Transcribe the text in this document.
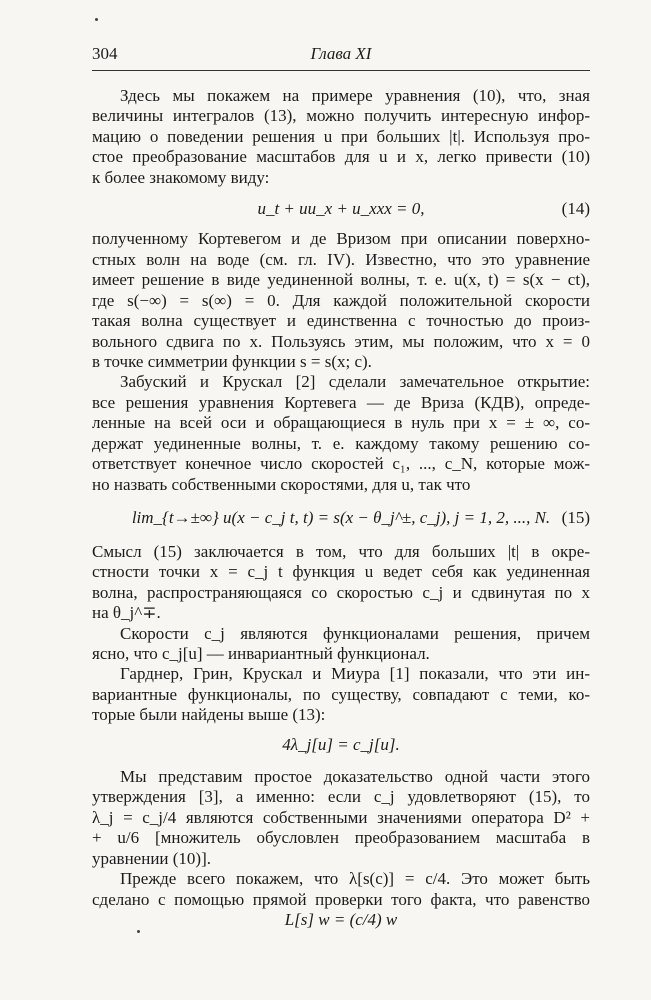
304	Глава XI
Здесь мы покажем на примере уравнения (10), что, зная
величины интегралов (13), можно получить интересную инфор-
мацию о поведении решения u при больших |t|. Используя про-
стое преобразование масштабов для u и x, легко привести (10)
к более знакомому виду:
u_t + uu_x + u_xxx = 0,	(14)
полученному Кортевегом и де Вризом при описании поверхно-
стных волн на воде (см. гл. IV). Известно, что это уравнение
имеет решение в виде уединенной волны, т. е. u(x, t) = s(x − ct),
где s(−∞) = s(∞) = 0. Для каждой положительной скорости
такая волна существует и единственна с точностью до произ-
вольного сдвига по x. Пользуясь этим, мы положим, что x = 0
в точке симметрии функции s = s(x; c).
Забуский и Крускал [2] сделали замечательное открытие:
все решения уравнения Кортевега — де Вриза (КДВ), опреде-
ленные на всей оси и обращающиеся в нуль при x = ± ∞, со-
держат уединенные волны, т. е. каждому такому решению со-
ответствует конечное число скоростей c₁, ..., c_N, которые мож-
но назвать собственными скоростями, для u, так что
lim_{t→±∞} u(x − c_j t, t) = s(x − θ_j^±, c_j), j = 1, 2, ..., N. (15)
Смысл (15) заключается в том, что для больших |t| в окре-
стности точки x = c_j t функция u ведет себя как уединенная
волна, распространяющаяся со скоростью c_j и сдвинутая по x
на θ_j^∓.
Скорости c_j являются функционалами решения, причем
ясно, что c_j[u] — инвариантный функционал.
Гарднер, Грин, Крускал и Миура [1] показали, что эти ин-
вариантные функционалы, по существу, совпадают с теми, ко-
торые были найдены выше (13):
4λ_j[u] = c_j[u].
Мы представим простое доказательство одной части этого
утверждения [3], а именно: если c_j удовлетворяют (15), то
λ_j = c_j/4 являются собственными значениями оператора D² +
+ u/6 [множитель обусловлен преобразованием масштаба в
уравнении (10)].
Прежде всего покажем, что λ[s(c)] = c/4. Это может быть
сделано с помощью прямой проверки того факта, что равенство
L[s] w = (c/4) w
